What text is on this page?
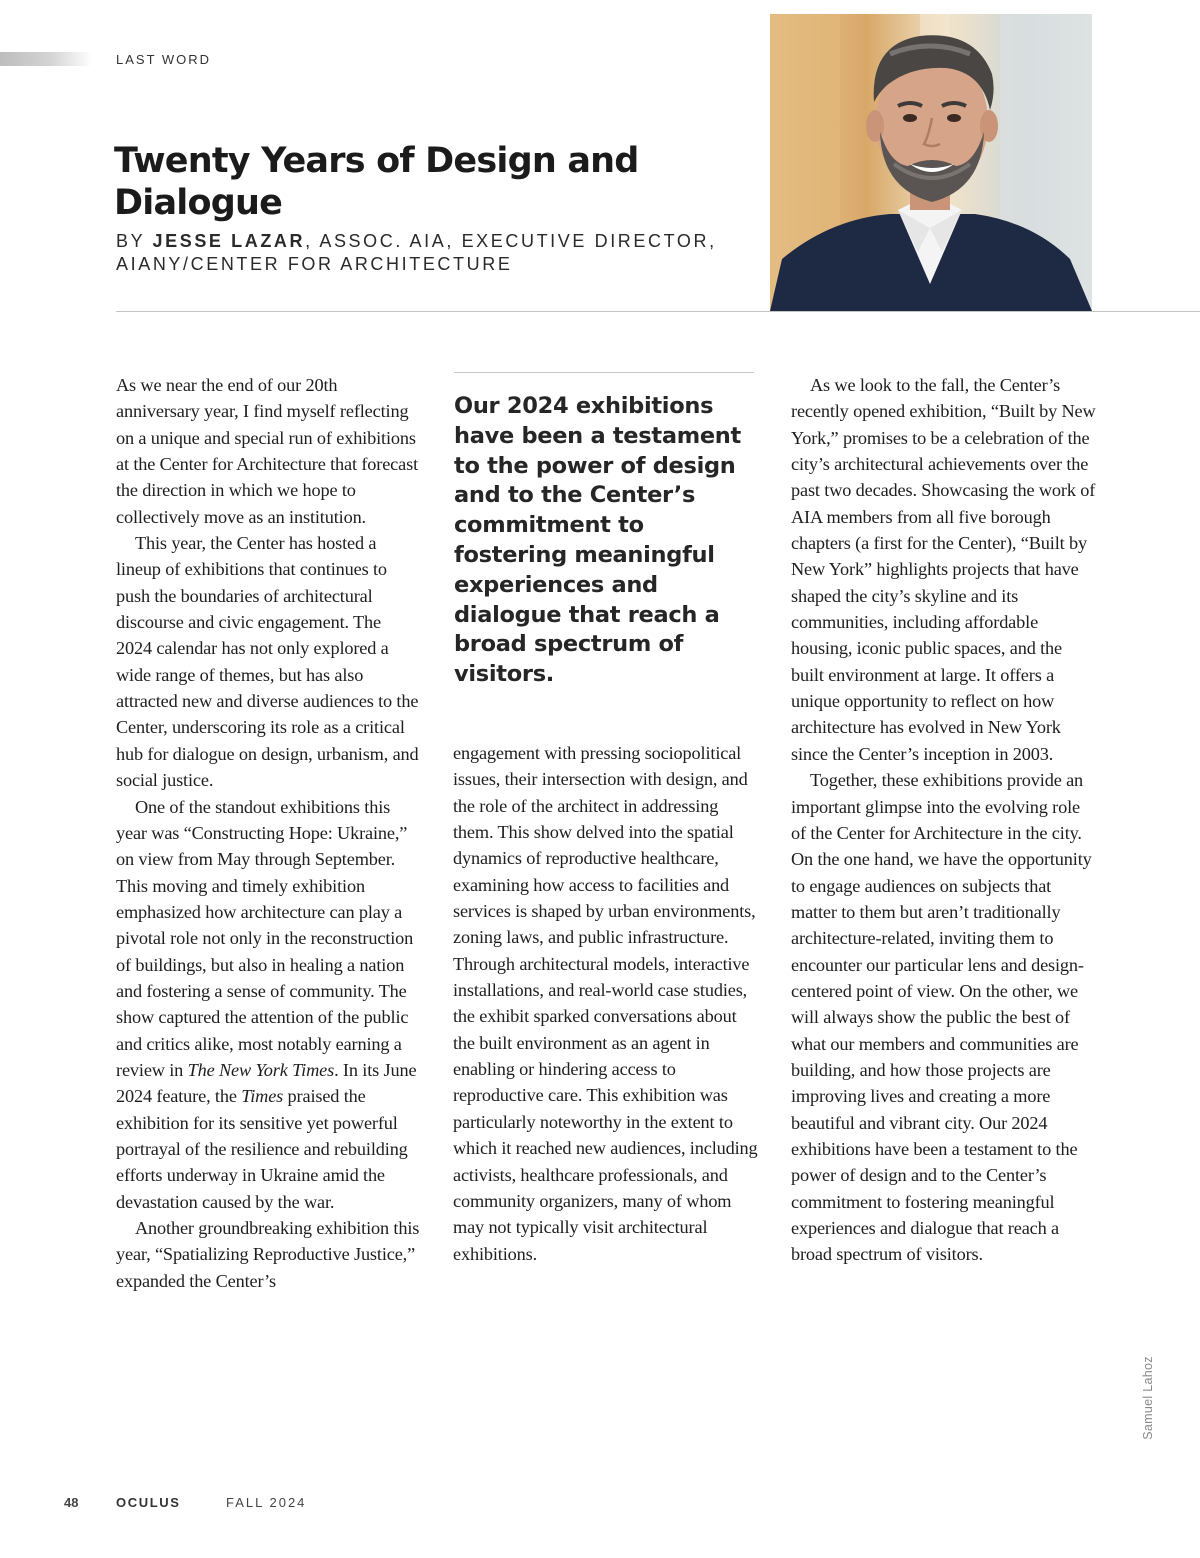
LAST WORD
Twenty Years of Design and Dialogue
BY JESSE LAZAR, ASSOC. AIA, EXECUTIVE DIRECTOR, AIANY/CENTER FOR ARCHITECTURE

As we near the end of our 20th anniversary year, I find myself reflecting on a unique and special run of exhibitions at the Center for Architecture that forecast the direction in which we hope to collectively move as an institution.

This year, the Center has hosted a lineup of exhibitions that continues to push the boundaries of architectural discourse and civic engagement. The 2024 calendar has not only explored a wide range of themes, but has also attracted new and diverse audiences to the Center, underscoring its role as a critical hub for dialogue on design, urbanism, and social justice.

One of the standout exhibitions this year was “Constructing Hope: Ukraine,” on view from May through September. This moving and timely exhibition emphasized how architecture can play a pivotal role not only in the reconstruction of buildings, but also in healing a nation and fostering a sense of community. The show captured the attention of the public and critics alike, most notably earning a review in The New York Times. In its June 2024 feature, the Times praised the exhibition for its sensitive yet powerful portrayal of the resilience and rebuilding efforts underway in Ukraine amid the devastation caused by the war.

Another groundbreaking exhibition this year, “Spatializing Reproductive Justice,” expanded the Center’s

Our 2024 exhibitions have been a testament to the power of design and to the Center’s commitment to fostering meaningful experiences and dialogue that reach a broad spectrum of visitors.

engagement with pressing sociopolitical issues, their intersection with design, and the role of the architect in addressing them. This show delved into the spatial dynamics of reproductive healthcare, examining how access to facilities and services is shaped by urban environments, zoning laws, and public infrastructure. Through architectural models, interactive installations, and real-world case studies, the exhibit sparked conversations about the built environment as an agent in enabling or hindering access to reproductive care. This exhibition was particularly noteworthy in the extent to which it reached new audiences, including activists, healthcare professionals, and community organizers, many of whom may not typically visit architectural exhibitions.

As we look to the fall, the Center’s recently opened exhibition, “Built by New York,” promises to be a celebration of the city’s architectural achievements over the past two decades. Showcasing the work of AIA members from all five borough chapters (a first for the Center), “Built by New York” highlights projects that have shaped the city’s skyline and its communities, including affordable housing, iconic public spaces, and the built environment at large. It offers a unique opportunity to reflect on how architecture has evolved in New York since the Center’s inception in 2003.

Together, these exhibitions provide an important glimpse into the evolving role of the Center for Architecture in the city. On the one hand, we have the opportunity to engage audiences on subjects that matter to them but aren’t traditionally architecture-related, inviting them to encounter our particular lens and design-centered point of view. On the other, we will always show the public the best of what our members and communities are building, and how those projects are improving lives and creating a more beautiful and vibrant city. Our 2024 exhibitions have been a testament to the power of design and to the Center’s commitment to fostering meaningful experiences and dialogue that reach a broad spectrum of visitors.

Samuel Lahoz
48	OCULUS	FALL 2024
